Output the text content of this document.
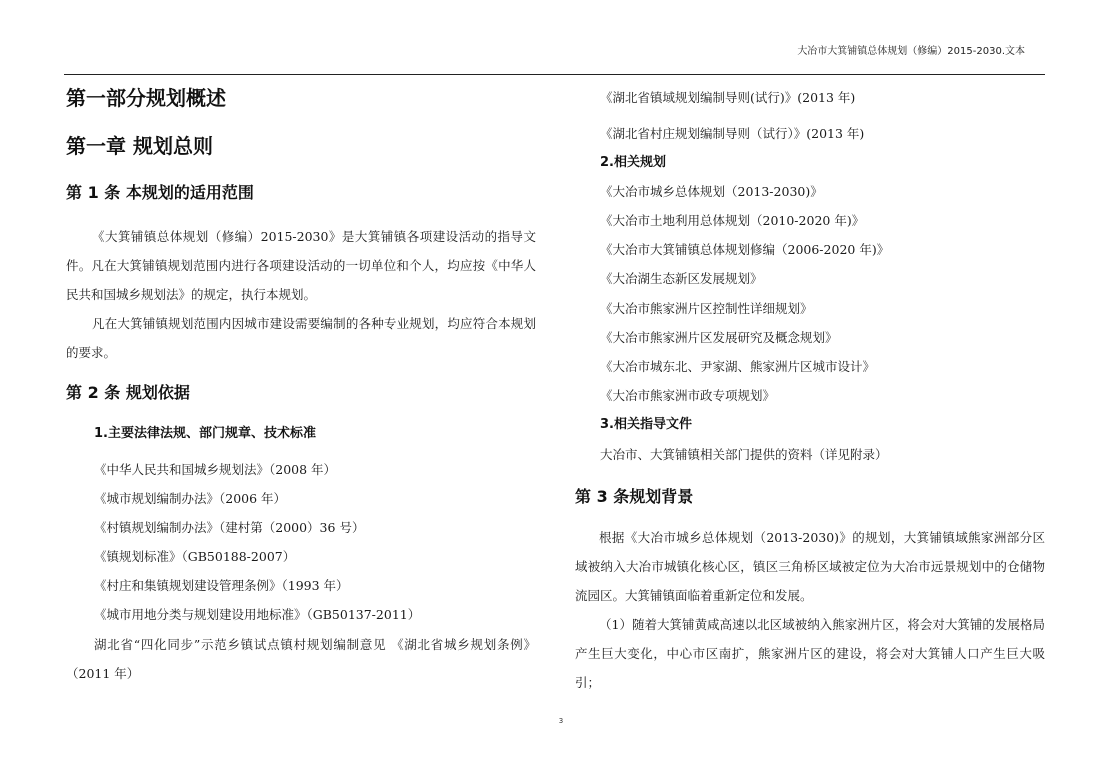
大冶市大箕铺镇总体规划（修编）2015-2030.文本
第一部分规划概述
第一章 规划总则
第 1 条 本规划的适用范围
《大箕铺镇总体规划（修编）2015-2030》是大箕铺镇各项建设活动的指导文件。凡在大箕铺镇规划范围内进行各项建设活动的一切单位和个人，均应按《中华人民共和国城乡规划法》的规定，执行本规划。
凡在大箕铺镇规划范围内因城市建设需要编制的各种专业规划，均应符合本规划的要求。
第 2 条 规划依据
1.主要法律法规、部门规章、技术标准
《中华人民共和国城乡规划法》（2008 年）
《城市规划编制办法》（2006 年）
《村镇规划编制办法》（建村第（2000）36 号）
《镇规划标准》（GB50188-2007）
《村庄和集镇规划建设管理条例》（1993 年）
《城市用地分类与规划建设用地标准》（GB50137-2011）
湖北省“四化同步”示范乡镇试点镇村规划编制意见 《湖北省城乡规划条例》（2011 年）
《湖北省镇域规划编制导则(试行)》(2013 年)
《湖北省村庄规划编制导则（试行）》(2013 年)
2.相关规划
《大冶市城乡总体规划（2013-2030)》
《大冶市土地利用总体规划（2010-2020 年)》
《大冶市大箕铺镇总体规划修编（2006-2020 年)》
《大冶湖生态新区发展规划》
《大冶市熊家洲片区控制性详细规划》
《大冶市熊家洲片区发展研究及概念规划》
《大冶市城东北、尹家湖、熊家洲片区城市设计》
《大冶市熊家洲市政专项规划》
3.相关指导文件
大冶市、大箕铺镇相关部门提供的资料（详见附录）
第 3 条规划背景
根据《大冶市城乡总体规划（2013-2030)》的规划，大箕铺镇域熊家洲部分区域被纳入大冶市城镇化核心区，镇区三角桥区域被定位为大冶市远景规划中的仓储物流园区。大箕铺镇面临着重新定位和发展。
（1）随着大箕铺黄咸高速以北区域被纳入熊家洲片区，将会对大箕铺的发展格局产生巨大变化，中心市区南扩，熊家洲片区的建设，将会对大箕铺人口产生巨大吸引；
3
